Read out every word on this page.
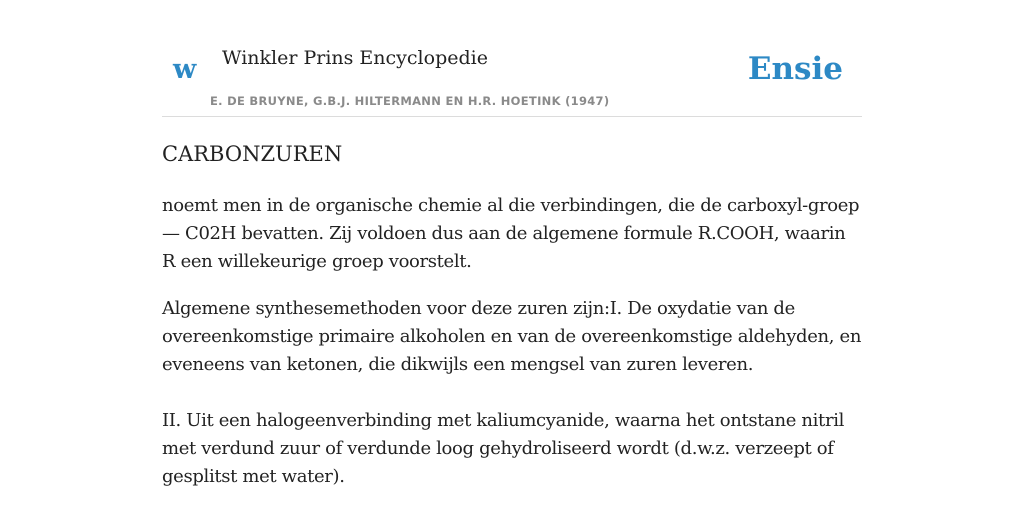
w Winkler Prins Encyclopedie
E. DE BRUYNE, G.B.J. HILTERMANN EN H.R. HOETINK (1947)
Ensie
CARBONZUREN

noemt men in de organische chemie al die verbindingen, die de carboxyl-groep — C02H bevatten. Zij voldoen dus aan de algemene formule R.COOH, waarin R een willekeurige groep voorstelt.

Algemene synthesemethoden voor deze zuren zijn:I. De oxydatie van de overeenkomstige primaire alkoholen en van de overeenkomstige aldehyden, en eveneens van ketonen, die dikwijls een mengsel van zuren leveren.

II. Uit een halogeenverbinding met kaliumcyanide, waarna het ontstane nitril met verdund zuur of verdunde loog gehydroliseerd wordt (d.w.z. verzeept of gesplitst met water).
